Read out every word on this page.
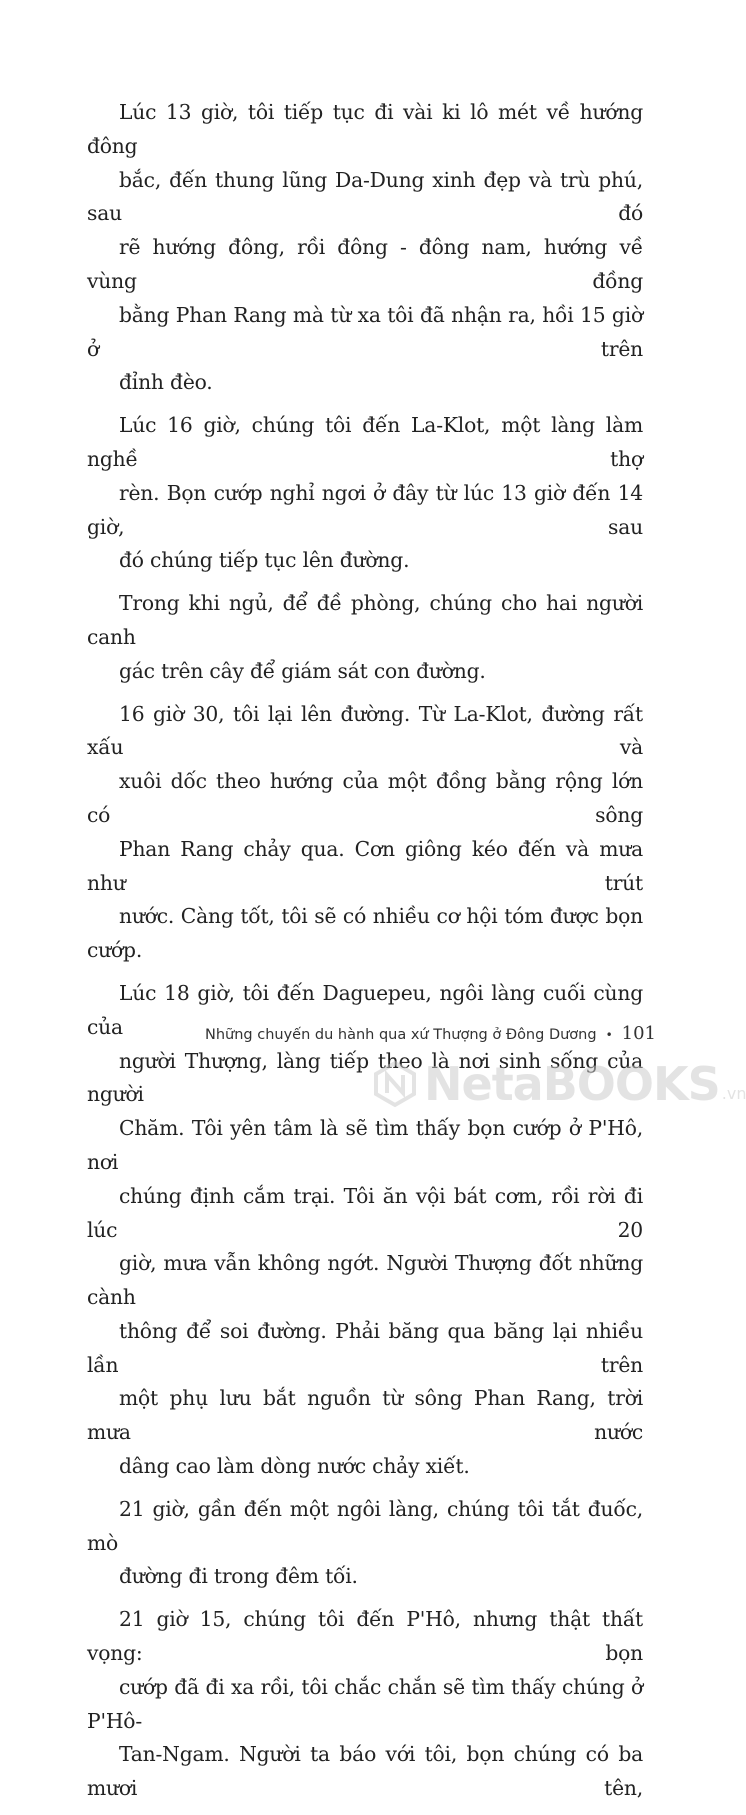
Lúc 13 giờ, tôi tiếp tục đi vài ki lô mét về hướng đông
bắc, đến thung lũng Da-Dung xinh đẹp và trù phú, sau đó
rẽ hướng đông, rồi đông - đông nam, hướng về vùng đồng
bằng Phan Rang mà từ xa tôi đã nhận ra, hồi 15 giờ ở trên
đỉnh đèo.

Lúc 16 giờ, chúng tôi đến La-Klot, một làng làm nghề thợ
rèn. Bọn cướp nghỉ ngơi ở đây từ lúc 13 giờ đến 14 giờ, sau
đó chúng tiếp tục lên đường.

Trong khi ngủ, để đề phòng, chúng cho hai người canh
gác trên cây để giám sát con đường.

16 giờ 30, tôi lại lên đường. Từ La-Klot, đường rất xấu và
xuôi dốc theo hướng của một đồng bằng rộng lớn có sông
Phan Rang chảy qua. Cơn giông kéo đến và mưa như trút
nước. Càng tốt, tôi sẽ có nhiều cơ hội tóm được bọn cướp.

Lúc 18 giờ, tôi đến Daguepeu, ngôi làng cuối cùng của
người Thượng, làng tiếp theo là nơi sinh sống của người
Chăm. Tôi yên tâm là sẽ tìm thấy bọn cướp ở P'Hô, nơi
chúng định cắm trại. Tôi ăn vội bát cơm, rồi rời đi lúc 20
giờ, mưa vẫn không ngớt. Người Thượng đốt những cành
thông để soi đường. Phải băng qua băng lại nhiều lần trên
một phụ lưu bắt nguồn từ sông Phan Rang, trời mưa nước
dâng cao làm dòng nước chảy xiết.

21 giờ, gần đến một ngôi làng, chúng tôi tắt đuốc, mò
đường đi trong đêm tối.

21 giờ 15, chúng tôi đến P'Hô, nhưng thật thất vọng: bọn
cướp đã đi xa rồi, tôi chắc chắn sẽ tìm thấy chúng ở P'Hô-
Tan-Ngam. Người ta báo với tôi, bọn chúng có ba mươi tên,

Những chuyến du hành qua xứ Thượng ở Đông Dương • 101
NetaBOOKS .vn
